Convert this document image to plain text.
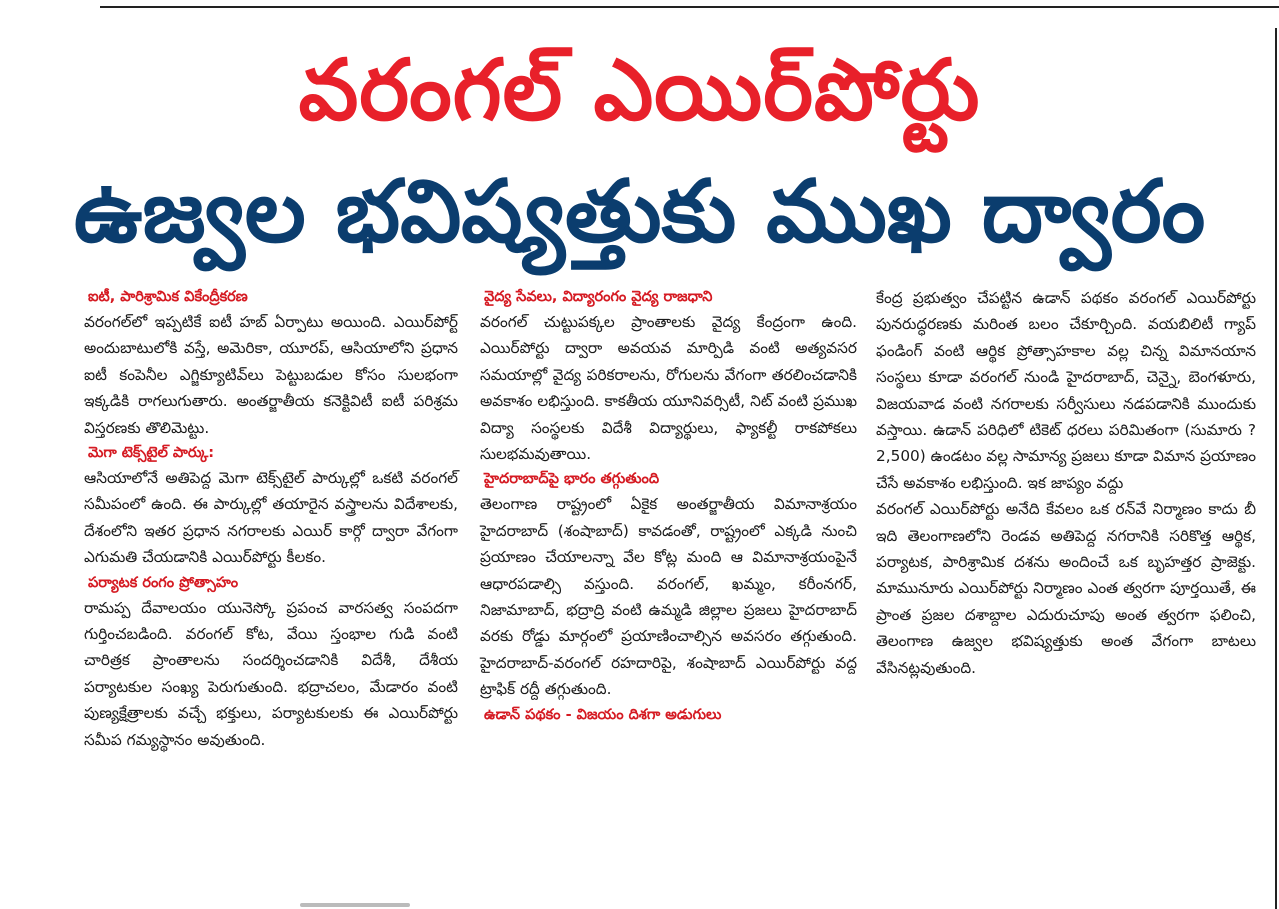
వరంగల్ ఎయిర్‌పోర్టు
ఉజ్వల భవిష్యత్తుకు ముఖ ద్వారం
ఐటీ, పారిశ్రామిక వికేంద్రీకరణ

వరంగల్‌లో ఇప్పటికే ఐటీ హబ్ ఏర్పాటు అయింది. ఎయిర్‌పోర్ట్ అందుబాటులోకి వస్తే, అమెరికా, యూరప్, ఆసియాలోని ప్రధాన ఐటీ కంపెనీల ఎగ్జిక్యూటివ్‌లు పెట్టుబడుల కోసం సులభంగా ఇక్కడికి రాగలుగుతారు. అంతర్జాతీయ కనెక్టివిటీ ఐటీ పరిశ్రమ విస్తరణకు తొలిమెట్టు.

మెగా టెక్స్‌టైల్ పార్కు:

ఆసియాలోనే అతిపెద్ద మెగా టెక్స్‌టైల్ పార్కుల్లో ఒకటి వరంగల్ సమీపంలో ఉంది. ఈ పార్కుల్లో తయారైన వస్త్రాలను విదేశాలకు, దేశంలోని ఇతర ప్రధాన నగరాలకు ఎయిర్ కార్గో ద్వారా వేగంగా ఎగుమతి చేయడానికి ఎయిర్‌పోర్టు కీలకం.

పర్యాటక రంగం ప్రోత్సాహం

రామప్ప దేవాలయం యునెస్కో ప్రపంచ వారసత్వ సంపదగా గుర్తించబడింది. వరంగల్ కోట, వేయి స్తంభాల గుడి వంటి చారిత్రక ప్రాంతాలను సందర్శించడానికి విదేశీ, దేశీయ పర్యాటకుల సంఖ్య పెరుగుతుంది. భద్రాచలం, మేడారం వంటి పుణ్యక్షేత్రాలకు వచ్చే భక్తులు, పర్యాటకులకు ఈ ఎయిర్‌పోర్టు సమీప గమ్యస్థానం అవుతుంది.

వైద్య సేవలు, విద్యారంగం వైద్య రాజధాని

వరంగల్ చుట్టుపక్కల ప్రాంతాలకు వైద్య కేంద్రంగా ఉంది. ఎయిర్‌పోర్టు ద్వారా అవయవ మార్పిడి వంటి అత్యవసర సమయాల్లో వైద్య పరికరాలను, రోగులను వేగంగా తరలించడానికి అవకాశం లభిస్తుంది. కాకతీయ యూనివర్సిటీ, నిట్ వంటి ప్రముఖ విద్యా సంస్థలకు విదేశీ విద్యార్థులు, ఫ్యాకల్టీ రాకపోకలు సులభమవుతాయి.

హైదరాబాద్‌పై భారం తగ్గుతుంది

తెలంగాణ రాష్ట్రంలో ఏకైక అంతర్జాతీయ విమానాశ్రయం హైదరాబాద్ (శంషాబాద్) కావడంతో, రాష్ట్రంలో ఎక్కడి నుంచి ప్రయాణం చేయాలన్నా వేల కోట్ల మంది ఆ విమానాశ్రయంపైనే ఆధారపడాల్సి వస్తుంది. వరంగల్, ఖమ్మం, కరీంనగర్, నిజామాబాద్, భద్రాద్రి వంటి ఉమ్మడి జిల్లాల ప్రజలు హైదరాబాద్ వరకు రోడ్డు మార్గంలో ప్రయాణించాల్సిన అవసరం తగ్గుతుంది. హైదరాబాద్-వరంగల్ రహదారిపై, శంషాబాద్ ఎయిర్‌పోర్టు వద్ద ట్రాఫిక్ రద్దీ తగ్గుతుంది.

ఉడాన్ పథకం - విజయం దిశగా అడుగులు

కేంద్ర ప్రభుత్వం చేపట్టిన ఉడాన్ పథకం వరంగల్ ఎయిర్‌పోర్టు పునరుద్ధరణకు మరింత బలం చేకూర్చింది. వయబిలిటీ గ్యాప్ ఫండింగ్ వంటి ఆర్థిక ప్రోత్సాహకాల వల్ల చిన్న విమానయాన సంస్థలు కూడా వరంగల్ నుండి హైదరాబాద్, చెన్నై, బెంగళూరు, విజయవాడ వంటి నగరాలకు సర్వీసులు నడపడానికి ముందుకు వస్తాయి. ఉడాన్ పరిధిలో టికెట్ ధరలు పరిమితంగా (సుమారు ?2,500) ఉండటం వల్ల సామాన్య ప్రజలు కూడా విమాన ప్రయాణం చేసే అవకాశం లభిస్తుంది. ఇక జాప్యం వద్దు

వరంగల్ ఎయిర్‌పోర్టు అనేది కేవలం ఒక రన్‌వే నిర్మాణం కాదు బీ ఇది తెలంగాణలోని రెండవ అతిపెద్ద నగరానికి సరికొత్త ఆర్థిక, పర్యాటక, పారిశ్రామిక దశను అందించే ఒక బృహత్తర ప్రాజెక్టు. మామునూరు ఎయిర్‌పోర్టు నిర్మాణం ఎంత త్వరగా పూర్తయితే, ఈ ప్రాంత ప్రజల దశాబ్దాల ఎదురుచూపు అంత త్వరగా ఫలించి, తెలంగాణ ఉజ్వల భవిష్యత్తుకు అంత వేగంగా బాటలు వేసినట్లవుతుంది.
